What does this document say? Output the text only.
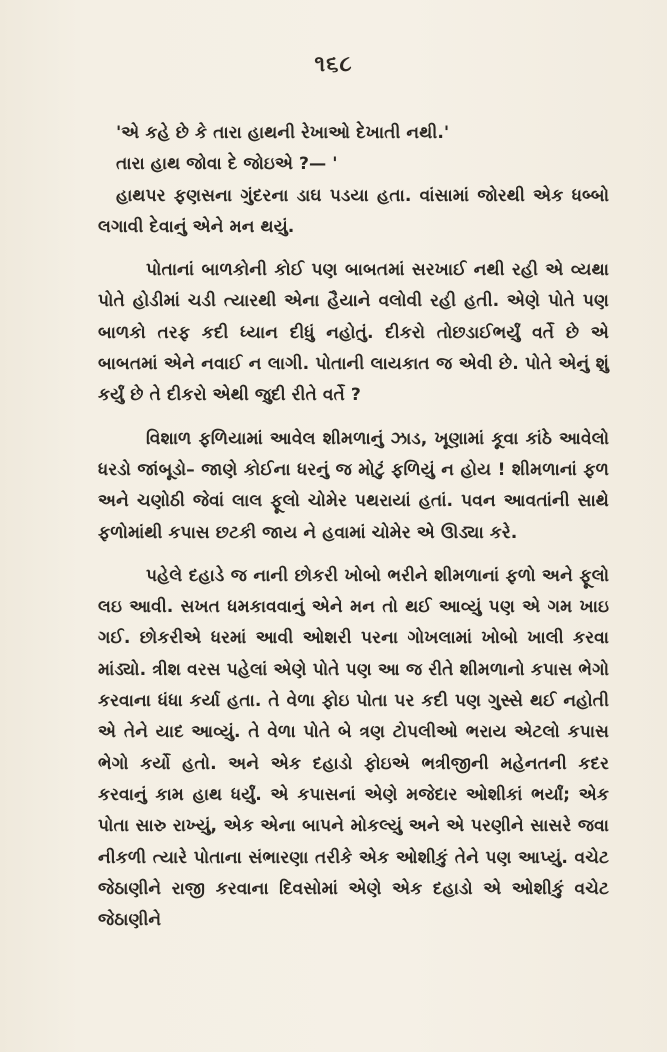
૧૬૮

'એ કહે છે કે તારા હાથની રેખાઓ દેખાતી નથી.'

તારા હાથ જોવા દે જોઇએ ?— '

હાથપર ફણસના ગુંદરના ડાઘ પડયા હતા. વાંસામાં જોરથી એક ધબ્બો લગાવી દેવાનું એને મન થયું.

પોતાનાં બાળકોની કોઈ પણ બાબતમાં સરખાઈ નથી રહી એ વ્યથા પોતે હોડીમાં ચડી ત્યારથી એના હૈયાને વલોવી રહી હતી. એણે પોતે પણ બાળકો તરફ કદી ધ્યાન દીધું નહોતું. દીકરો તોછડાઈભર્યું વર્તે છે એ બાબતમાં એને નવાઈ ન લાગી. પોતાની લાયકાત જ એવી છે. પોતે એનું શું કર્યું છે તે દીકરો એથી જુદી રીતે વર્તે ?

વિશાળ ફળિયામાં આવેલ શીમળાનું ઝાડ, ખૂણામાં કૂવા કાંઠે આવેલો ધરડો જાંબૂડો– જાણે કોઈના ધરનું જ મોટું ફળિયું ન હોય ! શીમળાનાં ફળ અને ચણોઠી જેવાં લાલ ફૂલો ચોમેર પથરાયાં હતાં. પવન આવતાંની સાથે ફળોમાંથી કપાસ છટકી જાય ને હવામાં ચોમેર એ ઊડ્યા કરે.

પહેલે દહાડે જ નાની છોકરી ખોબો ભરીને શીમળાનાં ફળો અને ફૂલો લઇ આવી. સખત ધમકાવવાનું એને મન તો થઈ આવ્યું પણ એ ગમ ખાઇ ગઈ. છોકરીએ ધરમાં આવી ઓશરી પરના ગોખલામાં ખોબો ખાલી કરવા માંડ્યો. ત્રીશ વરસ પહેલાં એણે પોતે પણ આ જ રીતે શીમળાનો કપાસ ભેગો કરવાના ધંધા કર્યા હતા. તે વેળા ફોઇ પોતા પર કદી પણ ગુસ્સે થઈ નહોતી એ તેને યાદ આવ્યું. તે વેળા પોતે બે ત્રણ ટોપલીઓ ભરાય એટલો કપાસ ભેગો કર્યો હતો. અને એક દહાડો ફોઇએ ભત્રીજીની મહેનતની કદર કરવાનું કામ હાથ ધર્યું. એ કપાસનાં એણે મજેદાર ઓશીકાં ભર્યાં; એક પોતા સારુ રાખ્યું, એક એના બાપને મોકલ્યું અને એ પરણીને સાસરે જવા નીકળી ત્યારે પોતાના સંભારણા તરીકે એક ઓશીકું તેને પણ આપ્યું. વચેટ જેઠાણીને રાજી કરવાના દિવસોમાં એણે એક દહાડો એ ઓશીકું વચેટ જેઠાણીને
